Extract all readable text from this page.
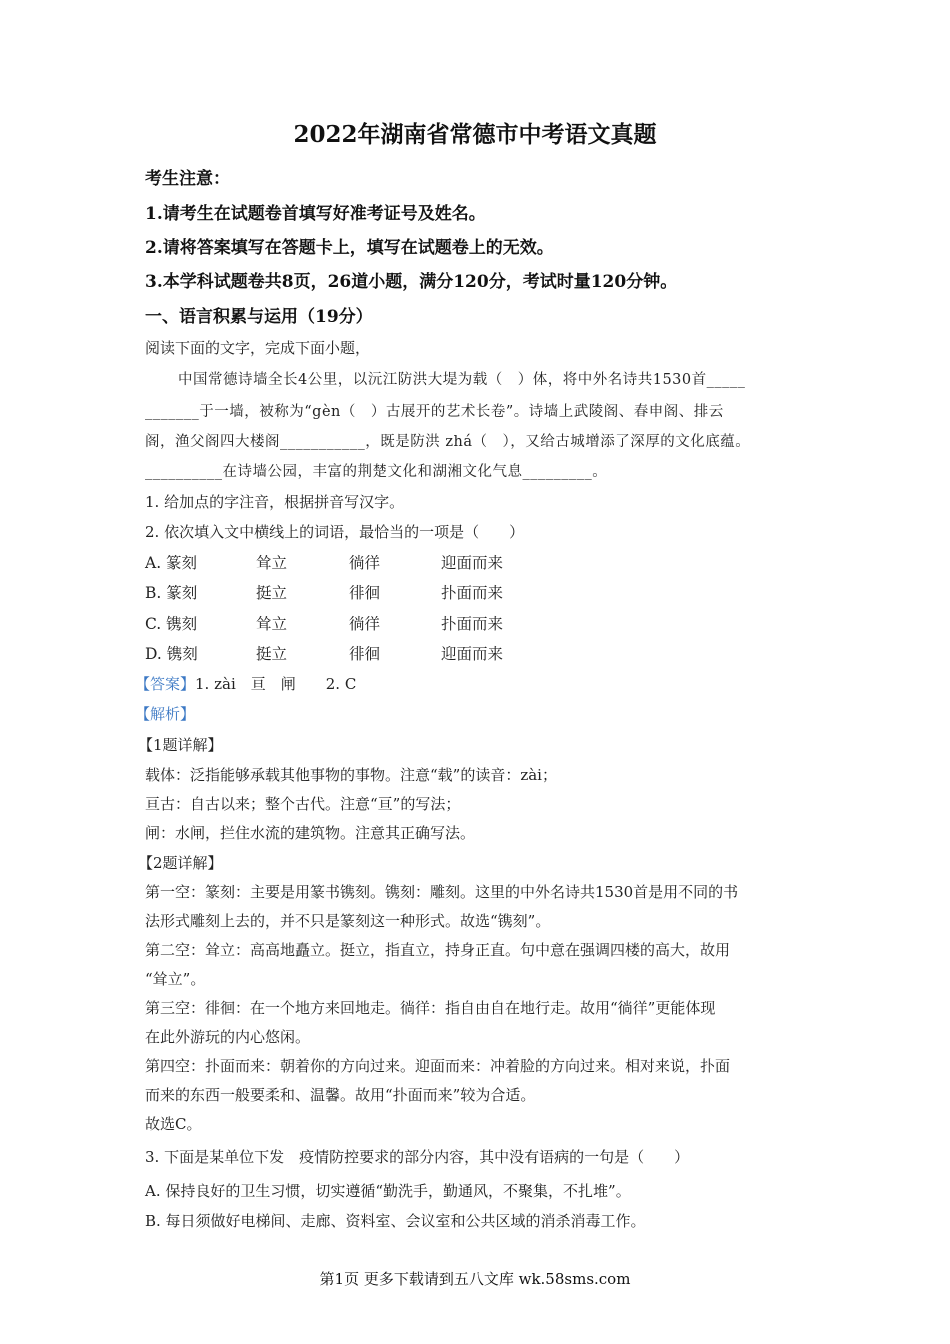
2022年湖南省常德市中考语文真题
考生注意：
1.请考生在试题卷首填写好准考证号及姓名。
2.请将答案填写在答题卡上，填写在试题卷上的无效。
3.本学科试题卷共8页，26道小题，满分120分，考试时量120分钟。
一、语言积累与运用（19分）
阅读下面的文字，完成下面小题，
中国常德诗墙全长4公里，以沅江防洪大堤为载（　）体，将中外名诗共1530首_____
_______于一墙，被称为“gèn（　）古展开的艺术长卷”。诗墙上武陵阁、春申阁、排云
阁，渔父阁四大楼阁___________，既是防洪 zhá（　），又给古城增添了深厚的文化底蕴。
__________在诗墙公园，丰富的荆楚文化和湖湘文化气息_________。
1. 给加点的字注音，根据拼音写汉字。
2. 依次填入文中横线上的词语，最恰当的一项是（　　）
A. 篆刻	耸立	徜徉	迎面而来
B. 篆刻	挺立	徘徊	扑面而来
C. 镌刻	耸立	徜徉	扑面而来
D. 镌刻	挺立	徘徊	迎面而来
【答案】1. zài　亘　闸　　2. C
【解析】
【1题详解】
载体：泛指能够承载其他事物的事物。注意“载”的读音：zài；
亘古：自古以来；整个古代。注意“亘”的写法；
闸：水闸，拦住水流的建筑物。注意其正确写法。
【2题详解】
第一空：篆刻：主要是用篆书镌刻。镌刻：雕刻。这里的中外名诗共1530首是用不同的书
法形式雕刻上去的，并不只是篆刻这一种形式。故选“镌刻”。
第二空：耸立：高高地矗立。挺立，指直立，持身正直。句中意在强调四楼的高大，故用
“耸立”。
第三空：徘徊：在一个地方来回地走。徜徉：指自由自在地行走。故用“徜徉”更能体现
在此外游玩的内心悠闲。
第四空：扑面而来：朝着你的方向过来。迎面而来：冲着脸的方向过来。相对来说，扑面
而来的东西一般要柔和、温馨。故用“扑面而来”较为合适。
故选C。
3. 下面是某单位下发　疫情防控要求的部分内容，其中没有语病的一句是（　　）
A. 保持良好的卫生习惯，切实遵循“勤洗手，勤通风，不聚集，不扎堆”。
B. 每日须做好电梯间、走廊、资料室、会议室和公共区域的消杀消毒工作。
第1页 更多下载请到五八文库 wk.58sms.com
